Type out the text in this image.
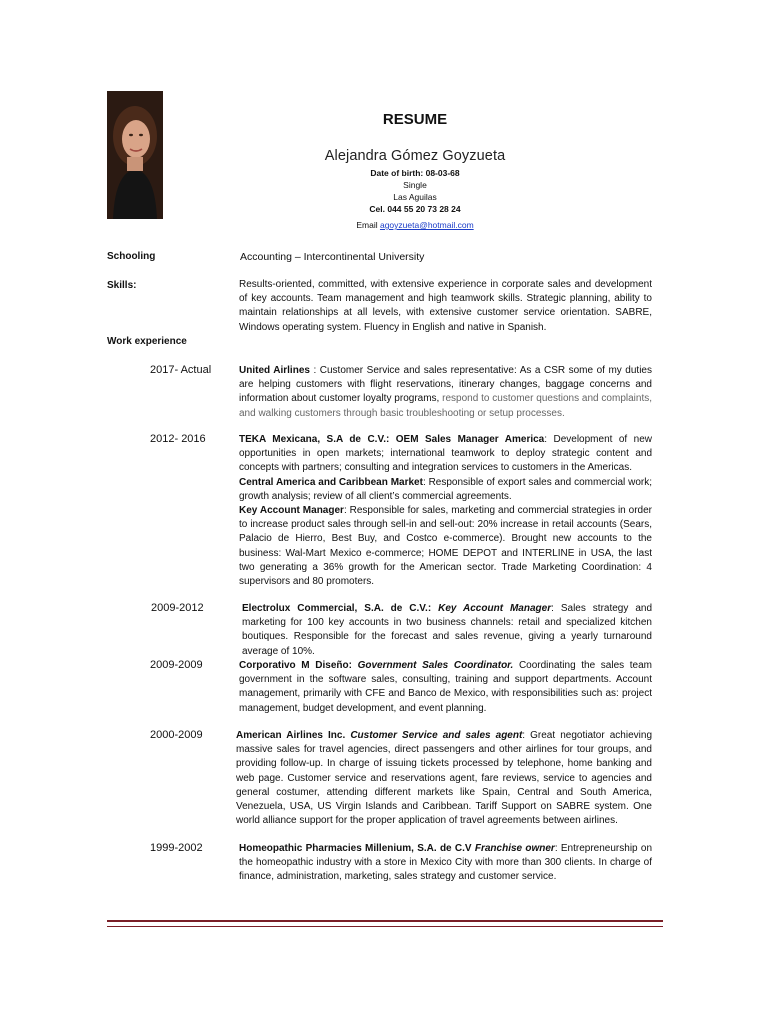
RESUME
Alejandra Gómez Goyzueta
Date of birth: 08-03-68
Single
Las Aguilas
Cel. 044 55 20 73 28 24
Email agoyzueta@hotmail.com
Schooling	Accounting – Intercontinental University
Skills:	Results-oriented, committed, with extensive experience in corporate sales and development of key accounts. Team management and high teamwork skills. Strategic planning, ability to maintain relationships at all levels, with extensive customer service orientation. SABRE, Windows operating system. Fluency in English and native in Spanish.
Work experience
2017- Actual	United Airlines : Customer Service and sales representative: As a CSR some of my duties are helping customers with flight reservations, itinerary changes, baggage concerns and information about customer loyalty programs, respond to customer questions and complaints, and walking customers through basic troubleshooting or setup processes.
2012- 2016	TEKA Mexicana, S.A de C.V.: OEM Sales Manager America: Development of new opportunities in open markets; international teamwork to deploy strategic content and concepts with partners; consulting and integration services to customers in the Americas.
Central America and Caribbean Market: Responsible of export sales and commercial work; growth analysis; review of all client’s commercial agreements.
Key Account Manager: Responsible for sales, marketing and commercial strategies in order to increase product sales through sell-in and sell-out: 20% increase in retail accounts (Sears, Palacio de Hierro, Best Buy, and Costco e-commerce). Brought new accounts to the business: Wal-Mart Mexico e-commerce; HOME DEPOT and INTERLINE in USA, the last two generating a 36% growth for the American sector. Trade Marketing Coordination: 4 supervisors and 80 promoters.
2009-2012	Electrolux Commercial, S.A. de C.V.: Key Account Manager: Sales strategy and marketing for 100 key accounts in two business channels: retail and specialized kitchen boutiques. Responsible for the forecast and sales revenue, giving a yearly turnaround average of 10%.
2009-2009	Corporativo M Diseño: Government Sales Coordinator. Coordinating the sales team government in the software sales, consulting, training and support departments. Account management, primarily with CFE and Banco de Mexico, with responsibilities such as: project management, budget development, and event planning.
2000-2009	American Airlines Inc. Customer Service and sales agent: Great negotiator achieving massive sales for travel agencies, direct passengers and other airlines for tour groups, and providing follow-up. In charge of issuing tickets processed by telephone, home banking and web page. Customer service and reservations agent, fare reviews, service to agencies and general costumer, attending different markets like Spain, Central and South America, Venezuela, USA, US Virgin Islands and Caribbean. Tariff Support on SABRE system. One world alliance support for the proper application of travel agreements between airlines.
1999-2002	Homeopathic Pharmacies Millenium, S.A. de C.V Franchise owner: Entrepreneurship on the homeopathic industry with a store in Mexico City with more than 300 clients. In charge of finance, administration, marketing, sales strategy and customer service.
